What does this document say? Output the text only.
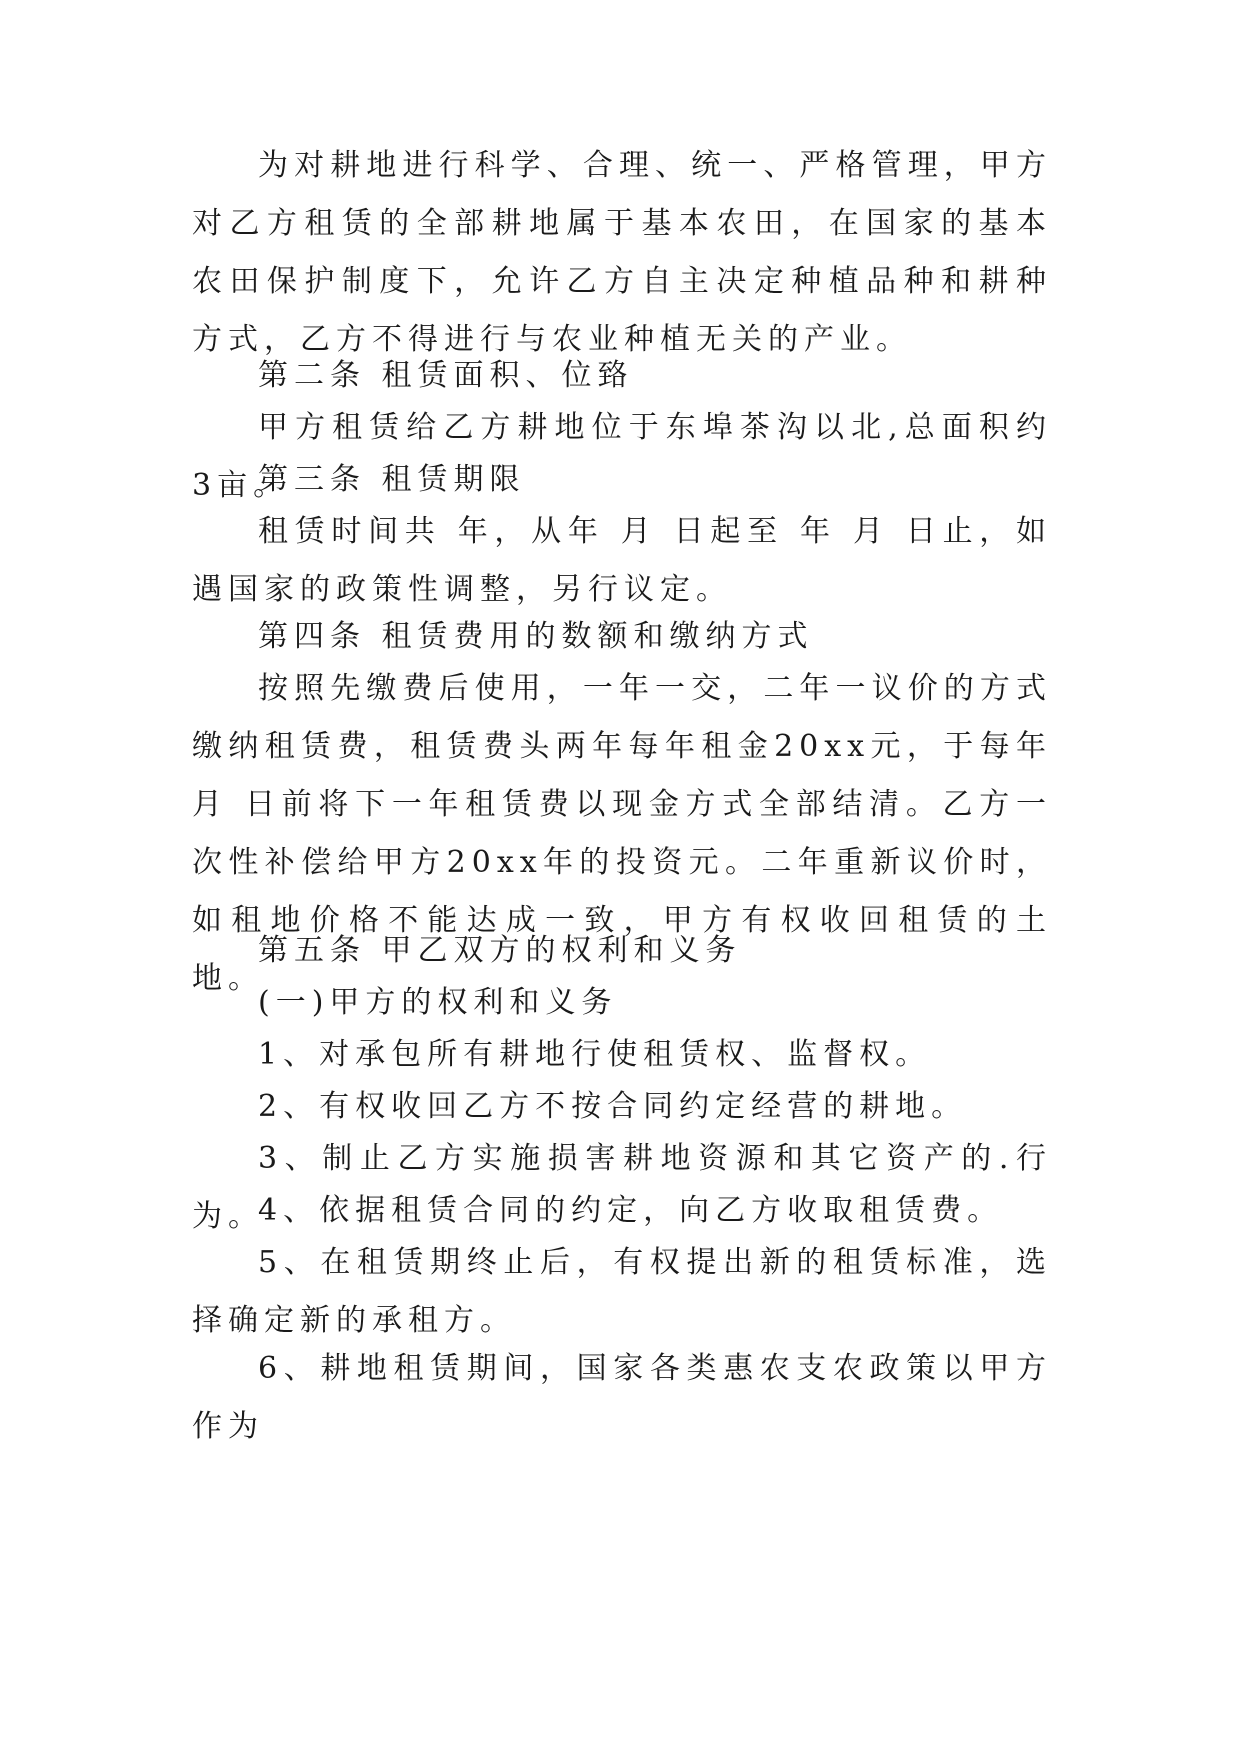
为对耕地进行科学、合理、统一、严格管理，甲方对乙方租赁的全部耕地属于基本农田，在国家的基本农田保护制度下，允许乙方自主决定种植品种和耕种方式，乙方不得进行与农业种植无关的产业。

第二条 租赁面积、位臵

甲方租赁给乙方耕地位于东埠茶沟以北,总面积约3亩。

第三条 租赁期限

租赁时间共 年，从年 月 日起至 年 月 日止，如遇国家的政策性调整，另行议定。

第四条 租赁费用的数额和缴纳方式

按照先缴费后使用，一年一交，二年一议价的方式缴纳租赁费，租赁费头两年每年租金20xx元，于每年 月 日前将下一年租赁费以现金方式全部结清。乙方一次性补偿给甲方20xx年的投资元。二年重新议价时，如租地价格不能达成一致，甲方有权收回租赁的土地。

第五条 甲乙双方的权利和义务

(一)甲方的权利和义务

1、对承包所有耕地行使租赁权、监督权。

2、有权收回乙方不按合同约定经营的耕地。

3、制止乙方实施损害耕地资源和其它资产的.行为。

4、依据租赁合同的约定，向乙方收取租赁费。

5、在租赁期终止后，有权提出新的租赁标准，选择确定新的承租方。

6、耕地租赁期间，国家各类惠农支农政策以甲方作为
